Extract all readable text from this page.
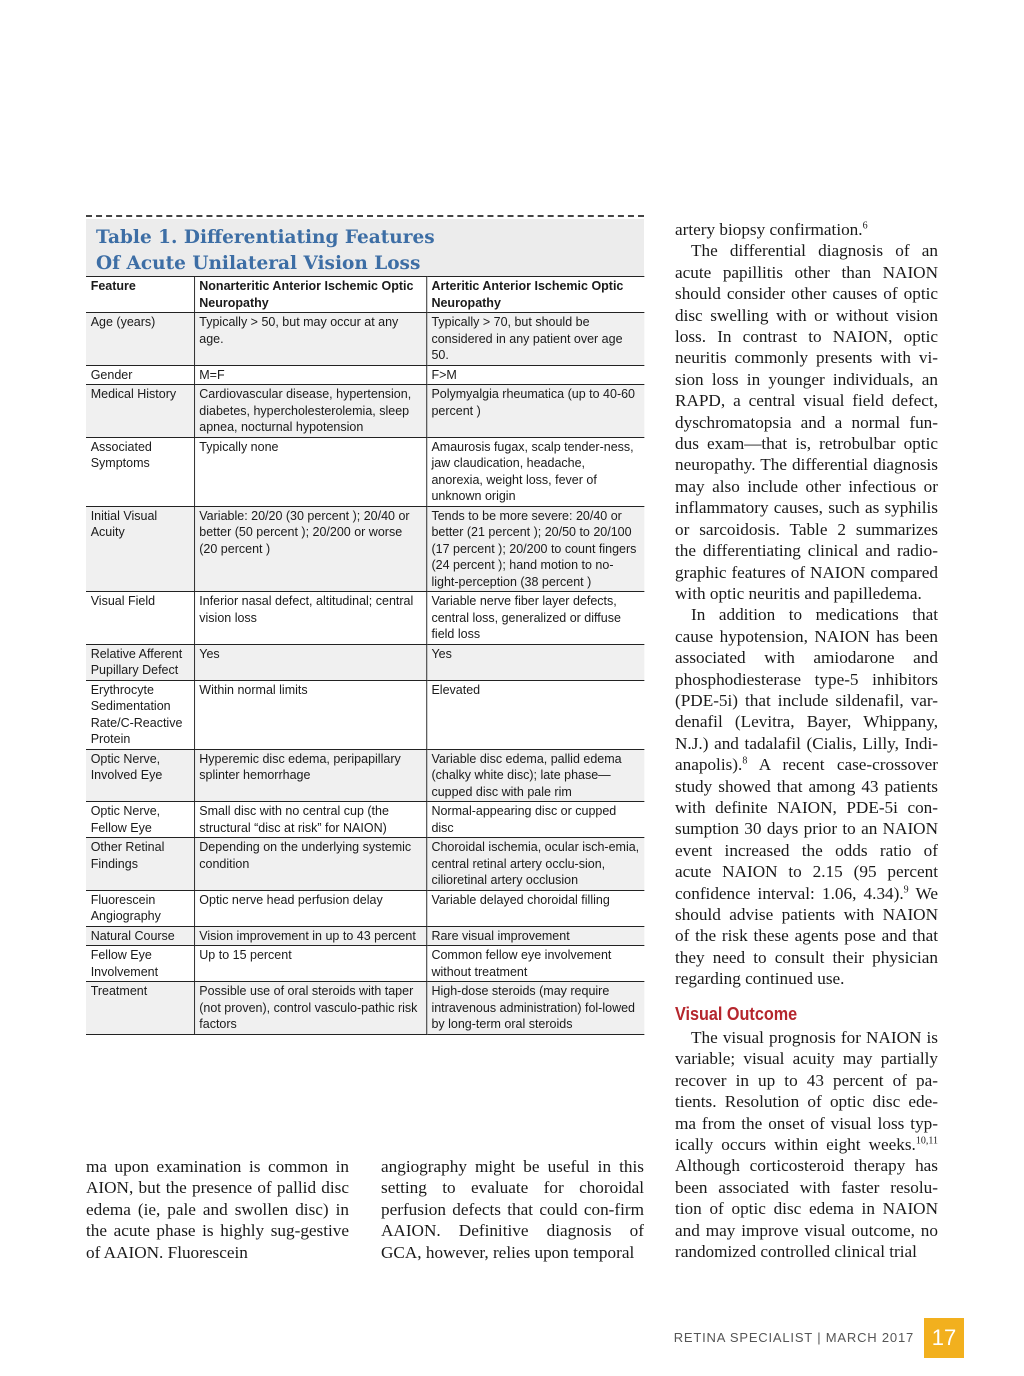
Table 1. Differentiating Features
Of Acute Unilateral Vision Loss
Feature	Nonarteritic Anterior Ischemic Optic Neuropathy	Arteritic Anterior Ischemic Optic Neuropathy
Age (years)	Typically > 50, but may occur at any age.	Typically > 70, but should be considered in any patient over age 50.
Gender	M=F	F>M
Medical History	Cardiovascular disease, hypertension, diabetes, hypercholesterolemia, sleep apnea, nocturnal hypotension	Polymyalgia rheumatica (up to 40-60 percent )
Associated Symptoms	Typically none	Amaurosis fugax, scalp tender-ness, jaw claudication, headache, anorexia, weight loss, fever of unknown origin
Initial Visual Acuity	Variable: 20/20 (30 percent ); 20/40 or better (50 percent ); 20/200 or worse (20 percent )	Tends to be more severe: 20/40 or better (21 percent ); 20/50 to 20/100 (17 percent ); 20/200 to count fingers (24 percent ); hand motion to no-light-perception (38 percent )
Visual Field	Inferior nasal defect, altitudinal; central vision loss	Variable nerve fiber layer defects, central loss, generalized or diffuse field loss
Relative Afferent Pupillary Defect	Yes	Yes
Erythrocyte Sedimentation Rate/C-Reactive Protein	Within normal limits	Elevated
Optic Nerve, Involved Eye	Hyperemic disc edema, peripapillary splinter hemorrhage	Variable disc edema, pallid edema (chalky white disc); late phase—cupped disc with pale rim
Optic Nerve, Fellow Eye	Small disc with no central cup (the structural “disc at risk” for NAION)	Normal-appearing disc or cupped disc
Other Retinal Findings	Depending on the underlying systemic condition	Choroidal ischemia, ocular isch-emia, central retinal artery occlu-sion, cilioretinal artery occlusion
Fluorescein Angiography	Optic nerve head perfusion delay	Variable delayed choroidal filling
Natural Course	Vision improvement in up to 43 percent	Rare visual improvement
Fellow Eye Involvement	Up to 15 percent	Common fellow eye involvement without treatment
Treatment	Possible use of oral steroids with taper (not proven), control vasculo-pathic risk factors	High-dose steroids (may require intravenous administration) fol-lowed by long-term oral steroids

ma upon examination is common in AION, but the presence of pallid disc edema (ie, pale and swollen disc) in the acute phase is highly sug-gestive of AAION. Fluorescein

angiography might be useful in this setting to evaluate for choroidal perfusion defects that could con-firm AAION. Definitive diagnosis of GCA, however, relies upon temporal

artery biopsy confirmation.$^6$

The differential diagnosis of an acute papillitis other than NAION should consider other causes of optic disc swelling with or without vision loss. In contrast to NAION, optic neuritis commonly presents with vi-sion loss in younger individuals, an RAPD, a central visual field defect, dyschromatopsia and a normal fun-dus exam—that is, retrobulbar optic neuropathy. The differential diagnosis may also include other infectious or inflammatory causes, such as syphilis or sarcoidosis. Table 2 summarizes the differentiating clinical and radio-graphic features of NAION compared with optic neuritis and papilledema.

In addition to medications that cause hypotension, NAION has been associated with amiodarone and phosphodiesterase type-5 inhibitors (PDE-5i) that include sildenafil, var-denafil (Levitra, Bayer, Whippany, N.J.) and tadalafil (Cialis, Lilly, Indi-anapolis).$^8$ A recent case-crossover study showed that among 43 patients with definite NAION, PDE-5i con-sumption 30 days prior to an NAION event increased the odds ratio of acute NAION to 2.15 (95 percent confidence interval: 1.06, 4.34).$^9$ We should advise patients with NAION of the risk these agents pose and that they need to consult their physician regarding continued use.

Visual Outcome

The visual prognosis for NAION is variable; visual acuity may partially recover in up to 43 percent of pa-tients. Resolution of optic disc ede-ma from the onset of visual loss typ-ically occurs within eight weeks.$^{10,11}$ Although corticosteroid therapy has been associated with faster resolu-tion of optic disc edema in NAION and may improve visual outcome, no randomized controlled clinical trial

RETINA SPECIALIST | MARCH 2017 17
